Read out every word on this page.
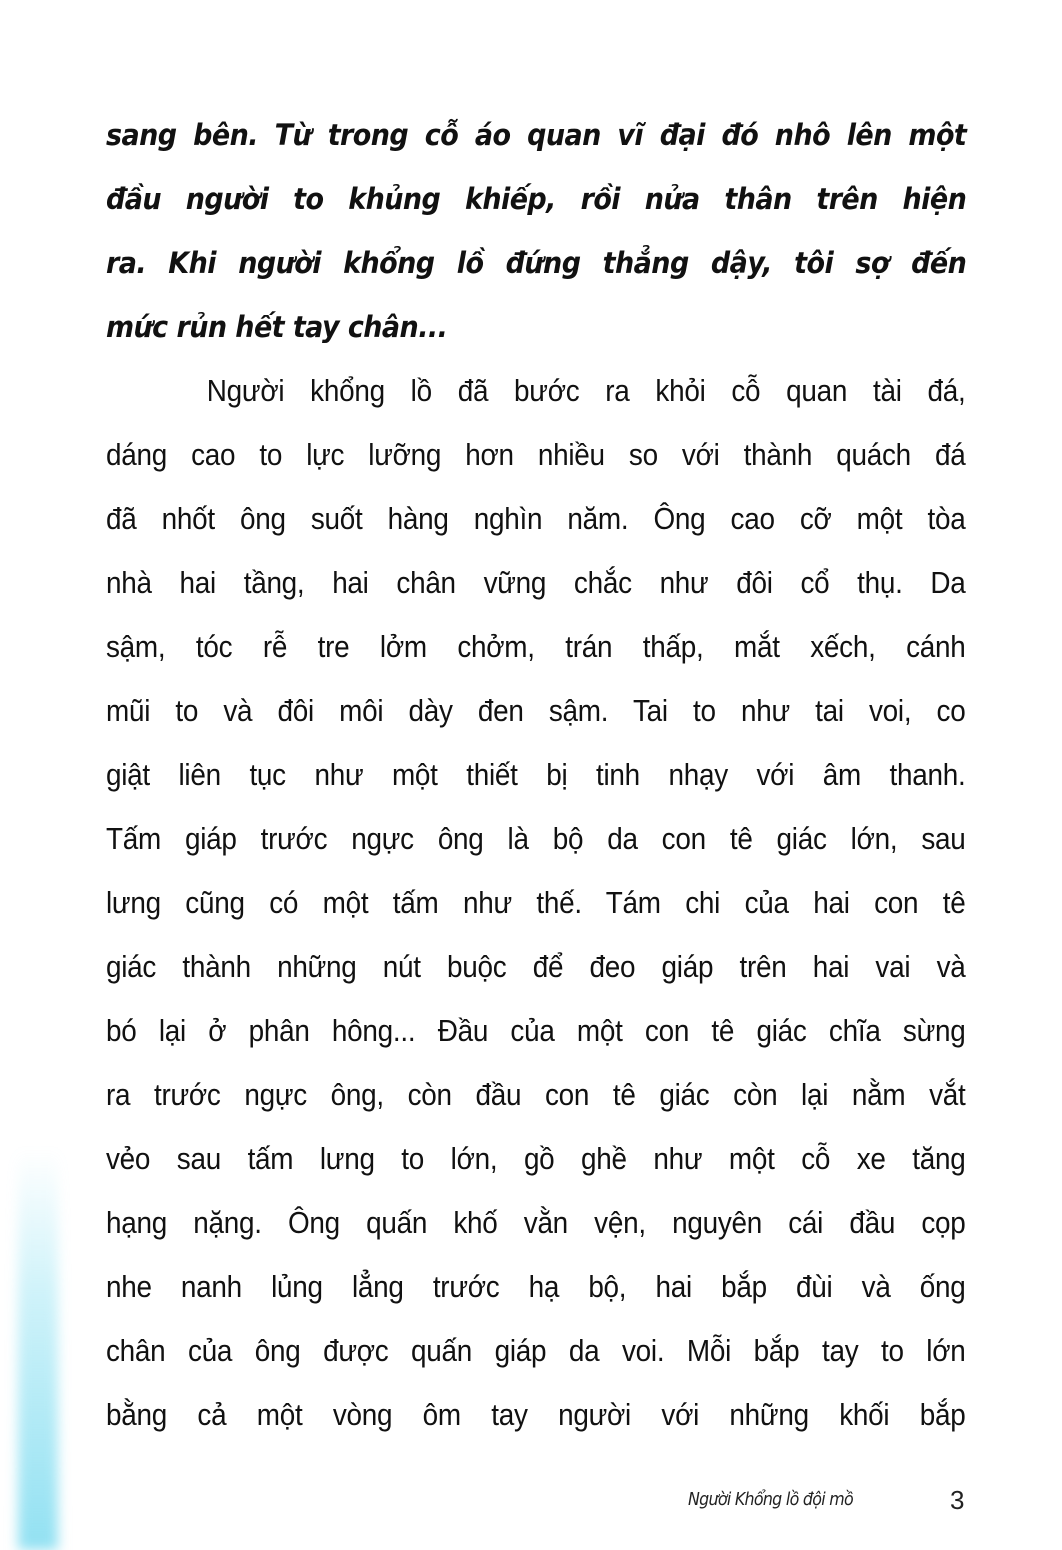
sang bên. Từ trong cỗ áo quan vĩ đại đó nhô lên một
đầu người to khủng khiếp, rồi nửa thân trên hiện
ra. Khi người khổng lồ đứng thẳng dậy, tôi sợ đến
mức rủn hết tay chân...
Người khổng lồ đã bước ra khỏi cỗ quan tài đá,
dáng cao to lực lưỡng hơn nhiều so với thành quách đá
đã nhốt ông suốt hàng nghìn năm. Ông cao cỡ một tòa
nhà hai tầng, hai chân vững chắc như đôi cổ thụ. Da
sậm, tóc rễ tre lởm chởm, trán thấp, mắt xếch, cánh
mũi to và đôi môi dày đen sậm. Tai to như tai voi, co
giật liên tục như một thiết bị tinh nhạy với âm thanh.
Tấm giáp trước ngực ông là bộ da con tê giác lớn, sau
lưng cũng có một tấm như thế. Tám chi của hai con tê
giác thành những nút buộc để đeo giáp trên hai vai và
bó lại ở phân hông... Đầu của một con tê giác chĩa sừng
ra trước ngực ông, còn đầu con tê giác còn lại nằm vắt
vẻo sau tấm lưng to lớn, gồ ghề như một cỗ xe tăng
hạng nặng. Ông quấn khố vằn vện, nguyên cái đầu cọp
nhe nanh lủng lẳng trước hạ bộ, hai bắp đùi và ống
chân của ông được quấn giáp da voi. Mỗi bắp tay to lớn
bằng cả một vòng ôm tay người với những khối bắp
Người Khổng lồ đội mồ	3
